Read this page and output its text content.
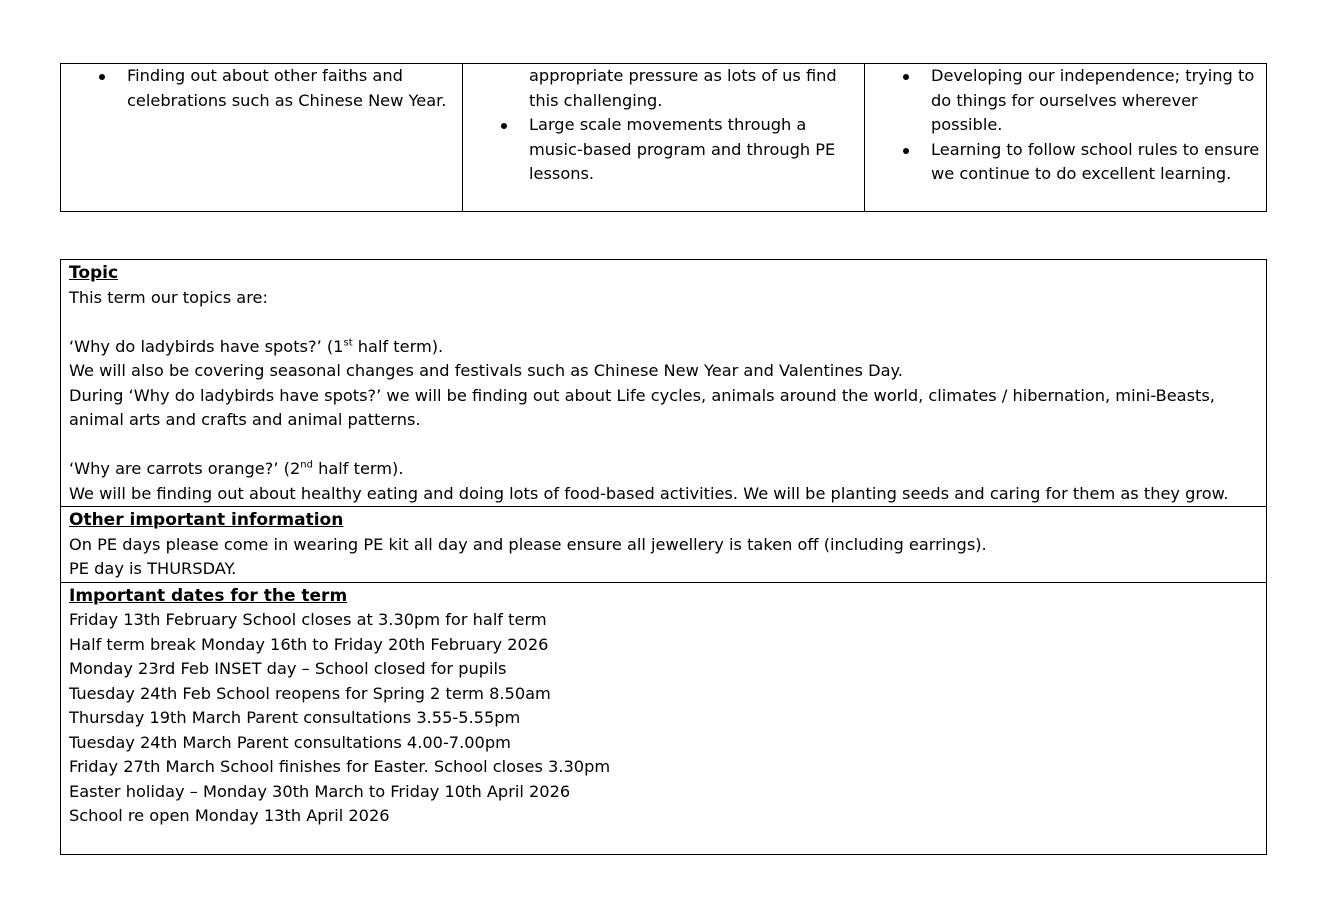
Finding out about other faiths and celebrations such as Chinese New Year.

appropriate pressure as lots of us find this challenging.
Large scale movements through a music-based program and through PE lessons.

Developing our independence; trying to do things for ourselves wherever possible.
Learning to follow school rules to ensure we continue to do excellent learning.
Topic
This term our topics are:
‘Why do ladybirds have spots?’ (1st half term).
We will also be covering seasonal changes and festivals such as Chinese New Year and Valentines Day.
During ‘Why do ladybirds have spots?’ we will be finding out about Life cycles, animals around the world, climates / hibernation, mini-Beasts,
animal arts and crafts and animal patterns.
‘Why are carrots orange?’ (2nd half term).
We will be finding out about healthy eating and doing lots of food-based activities. We will be planting seeds and caring for them as they grow.

Other important information
On PE days please come in wearing PE kit all day and please ensure all jewellery is taken off (including earrings).
PE day is THURSDAY.

Important dates for the term
Friday 13th February School closes at 3.30pm for half term
Half term break Monday 16th to Friday 20th February 2026
Monday 23rd Feb INSET day – School closed for pupils
Tuesday 24th Feb School reopens for Spring 2 term 8.50am
Thursday 19th March Parent consultations 3.55-5.55pm
Tuesday 24th March Parent consultations 4.00-7.00pm
Friday 27th March School finishes for Easter. School closes 3.30pm
Easter holiday – Monday 30th March to Friday 10th April 2026
School re open Monday 13th April 2026
